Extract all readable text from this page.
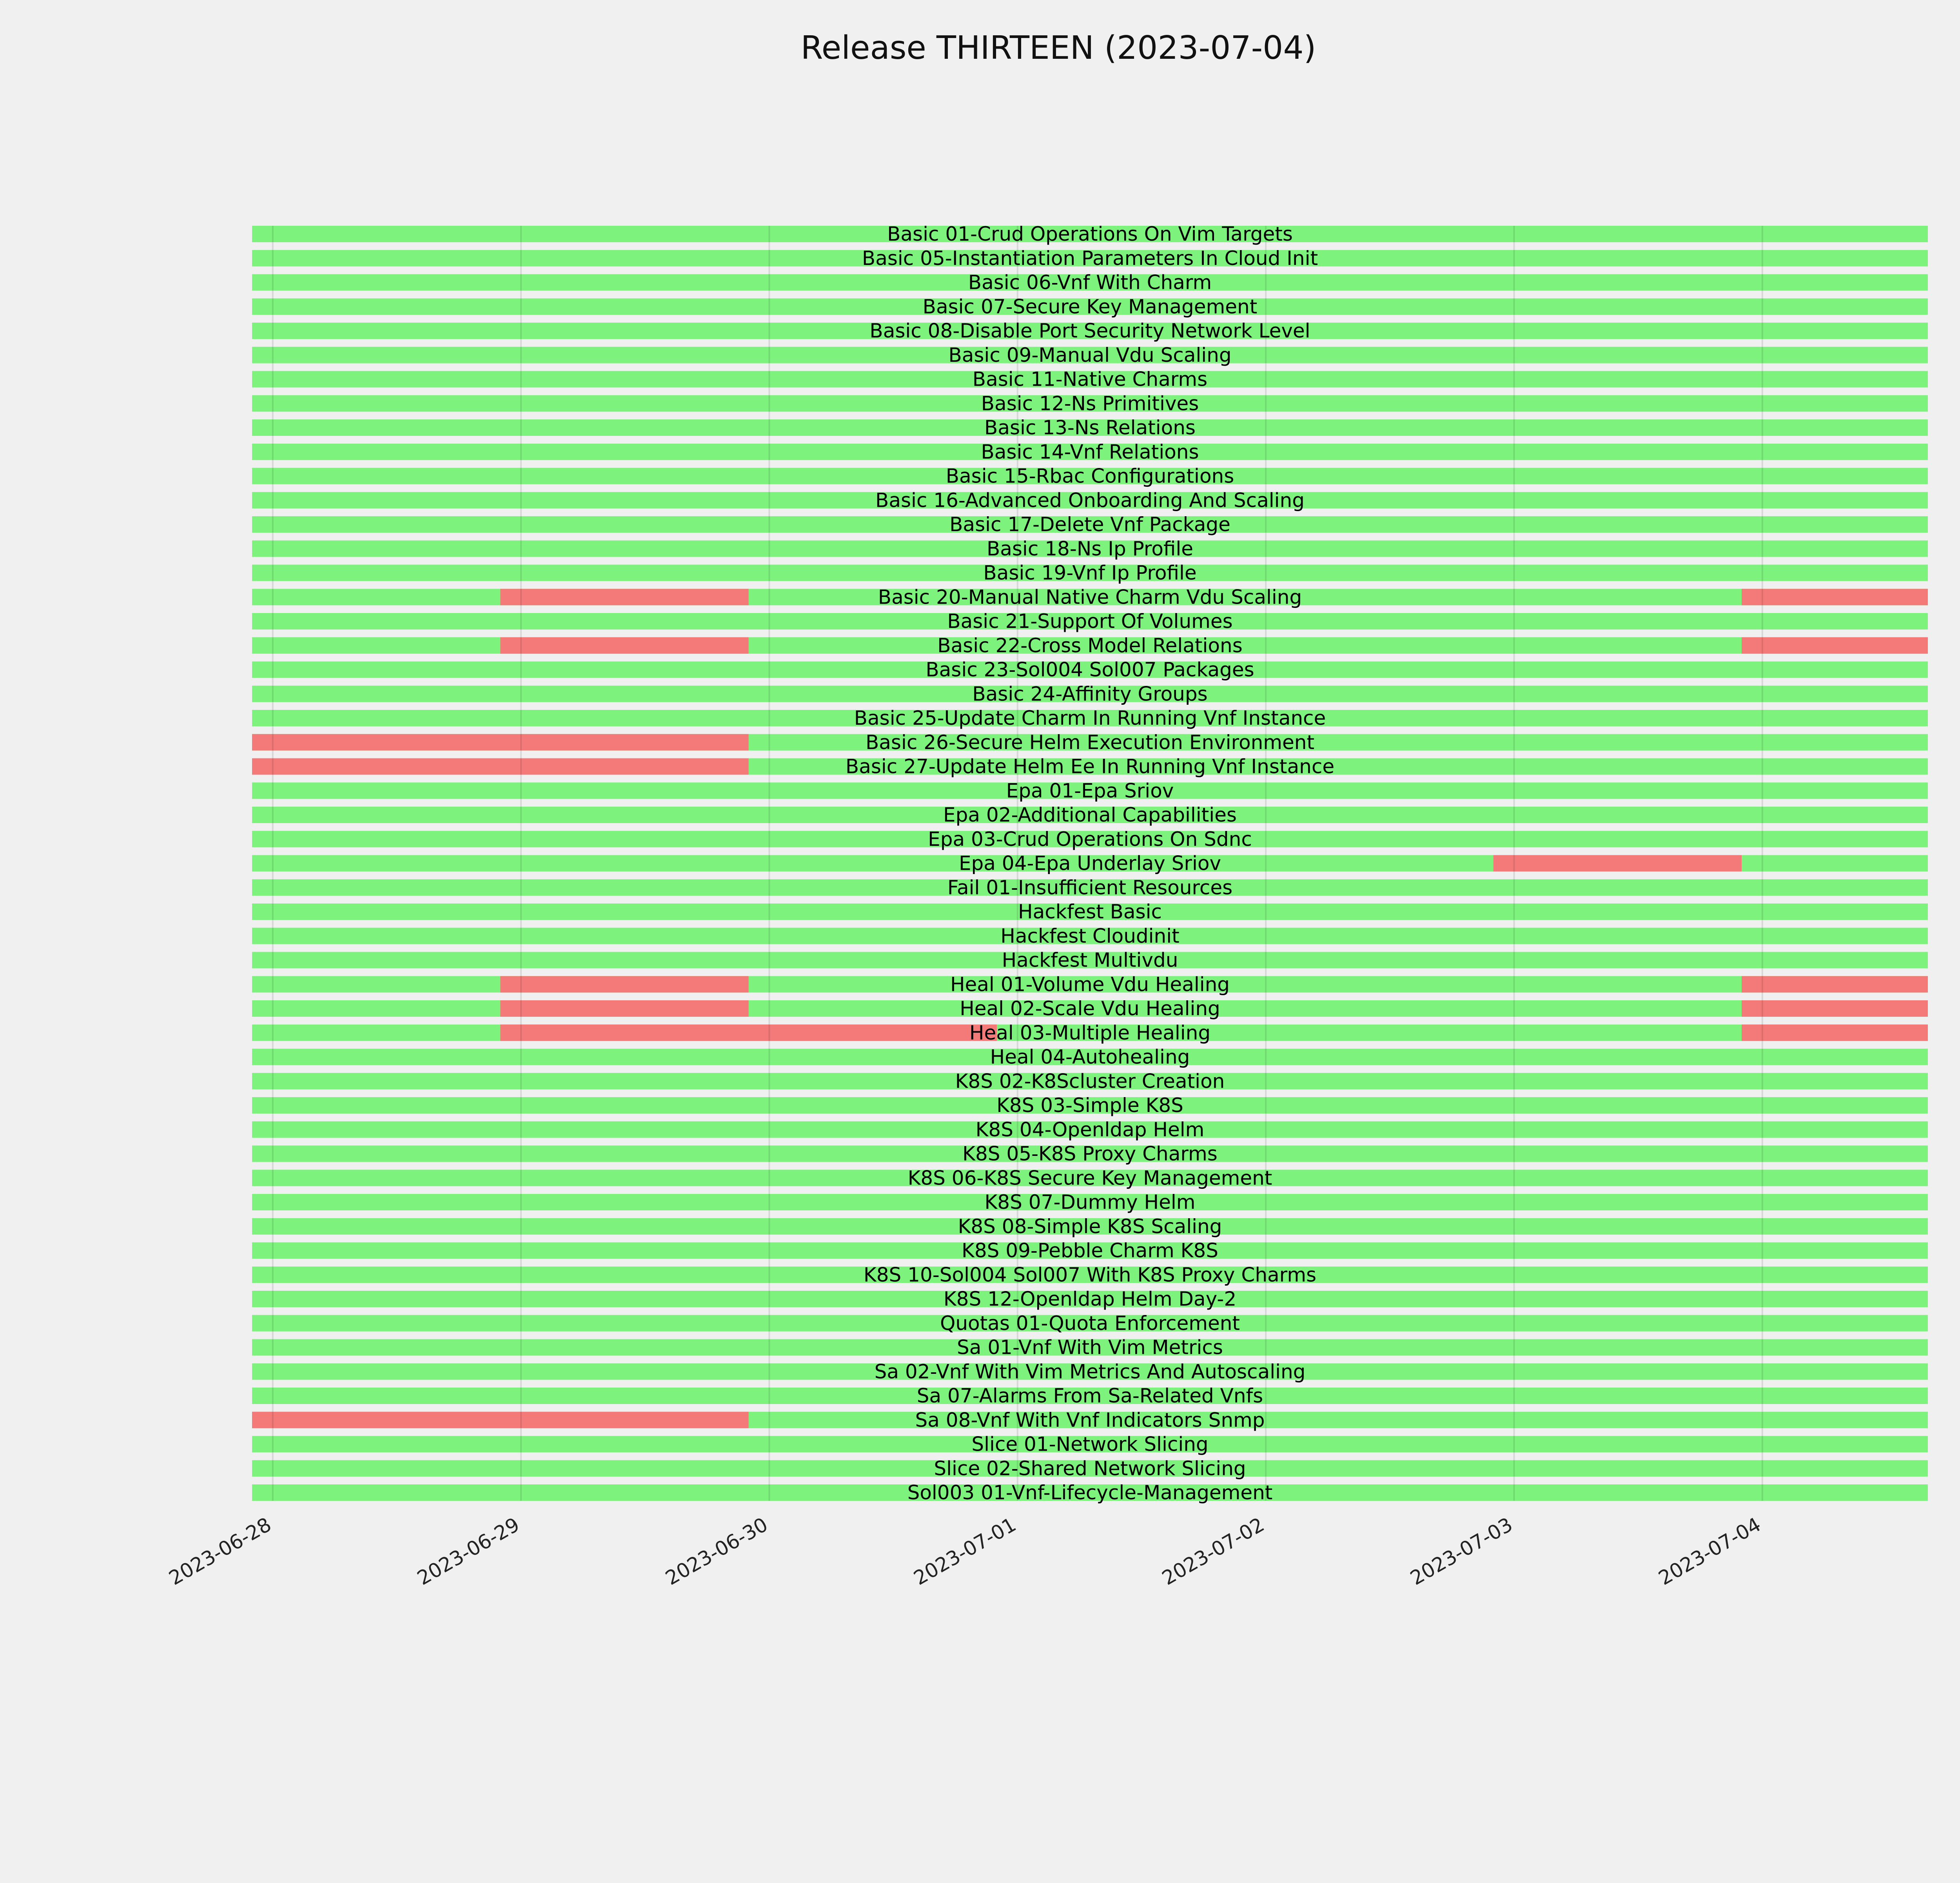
Release THIRTEEN (2023-07-04)
Basic 01-Crud Operations On Vim Targets
Basic 05-Instantiation Parameters In Cloud Init
Basic 06-Vnf With Charm
Basic 07-Secure Key Management
Basic 08-Disable Port Security Network Level
Basic 09-Manual Vdu Scaling
Basic 11-Native Charms
Basic 12-Ns Primitives
Basic 13-Ns Relations
Basic 14-Vnf Relations
Basic 15-Rbac Configurations
Basic 16-Advanced Onboarding And Scaling
Basic 17-Delete Vnf Package
Basic 18-Ns Ip Profile
Basic 19-Vnf Ip Profile
Basic 20-Manual Native Charm Vdu Scaling
Basic 21-Support Of Volumes
Basic 22-Cross Model Relations
Basic 23-Sol004 Sol007 Packages
Basic 24-Affinity Groups
Basic 25-Update Charm In Running Vnf Instance
Basic 26-Secure Helm Execution Environment
Basic 27-Update Helm Ee In Running Vnf Instance
Epa 01-Epa Sriov
Epa 02-Additional Capabilities
Epa 03-Crud Operations On Sdnc
Epa 04-Epa Underlay Sriov
Fail 01-Insufficient Resources
Hackfest Basic
Hackfest Cloudinit
Hackfest Multivdu
Heal 01-Volume Vdu Healing
Heal 02-Scale Vdu Healing
Heal 03-Multiple Healing
Heal 04-Autohealing
K8S 02-K8Scluster Creation
K8S 03-Simple K8S
K8S 04-Openldap Helm
K8S 05-K8S Proxy Charms
K8S 06-K8S Secure Key Management
K8S 07-Dummy Helm
K8S 08-Simple K8S Scaling
K8S 09-Pebble Charm K8S
K8S 10-Sol004 Sol007 With K8S Proxy Charms
K8S 12-Openldap Helm Day-2
Quotas 01-Quota Enforcement
Sa 01-Vnf With Vim Metrics
Sa 02-Vnf With Vim Metrics And Autoscaling
Sa 07-Alarms From Sa-Related Vnfs
Sa 08-Vnf With Vnf Indicators Snmp
Slice 01-Network Slicing
Slice 02-Shared Network Slicing
Sol003 01-Vnf-Lifecycle-Management
2023-06-28	2023-06-29	2023-06-30	2023-07-01	2023-07-02	2023-07-03	2023-07-04
